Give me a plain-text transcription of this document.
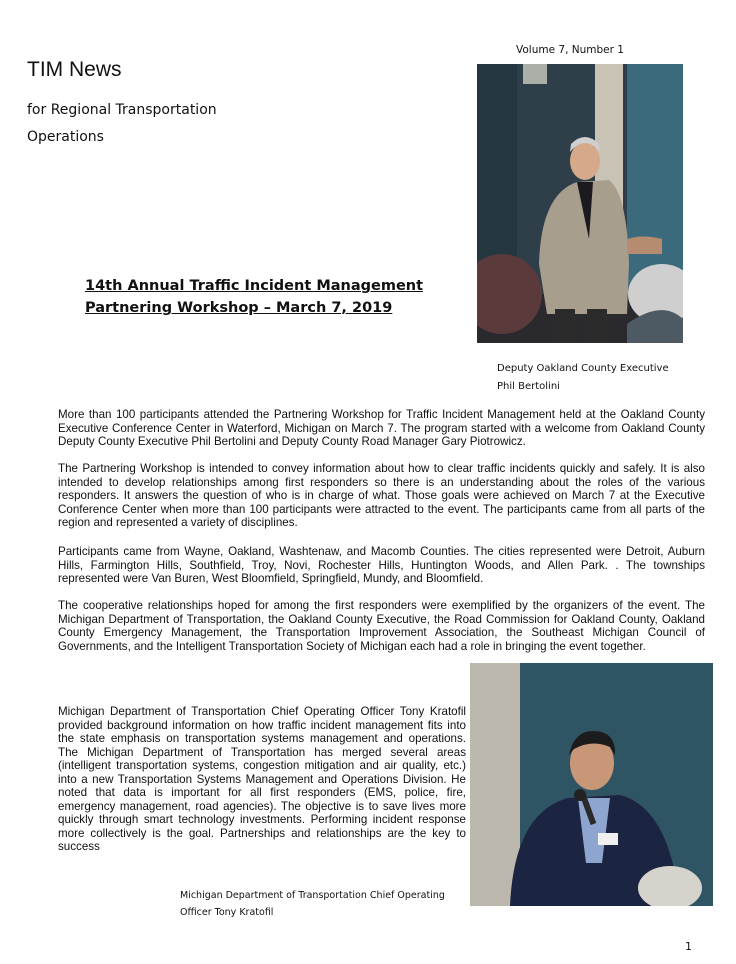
Volume 7, Number 1
TIM News
for Regional Transportation Operations
14th Annual Traffic Incident Management
Partnering Workshop – March 7, 2019
Deputy Oakland County Executive
Phil Bertolini
More than 100 participants attended the Partnering Workshop for Traffic Incident Management held at the Oakland County Executive Conference Center in Waterford, Michigan on March 7. The program started with a welcome from Oakland County Deputy County Executive Phil Bertolini and Deputy County Road Manager Gary Piotrowicz.
The Partnering Workshop is intended to convey information about how to clear traffic incidents quickly and safely. It is also intended to develop relationships among first responders so there is an understanding about the roles of the various responders. It answers the question of who is in charge of what. Those goals were achieved on March 7 at the Executive Conference Center when more than 100 participants were attracted to the event. The participants came from all parts of the region and represented a variety of disciplines.
Participants came from Wayne, Oakland, Washtenaw, and Macomb Counties. The cities represented were Detroit, Auburn Hills, Farmington Hills, Southfield, Troy, Novi, Rochester Hills, Huntington Woods, and Allen Park. . The townships represented were Van Buren, West Bloomfield, Springfield, Mundy, and Bloomfield.
The cooperative relationships hoped for among the first responders were exemplified by the organizers of the event. The Michigan Department of Transportation, the Oakland County Executive, the Road Commission for Oakland County, Oakland County Emergency Management, the Transportation Improvement Association, the Southeast Michigan Council of Governments, and the Intelligent Transportation Society of Michigan each had a role in bringing the event together.
Michigan Department of Transportation Chief Operating Officer Tony Kratofil provided background information on how traffic incident management fits into the state emphasis on transportation systems management and operations. The Michigan Department of Transportation has merged several areas (intelligent transportation systems, congestion mitigation and air quality, etc.) into a new Transportation Systems Management and Operations Division. He noted that data is important for all first responders (EMS, police, fire, emergency management, road agencies). The objective is to save lives more quickly through smart technology investments. Performing incident response more collectively is the goal. Partnerships and relationships are the key to success
Michigan Department of Transportation Chief Operating
Officer Tony Kratofil
1
